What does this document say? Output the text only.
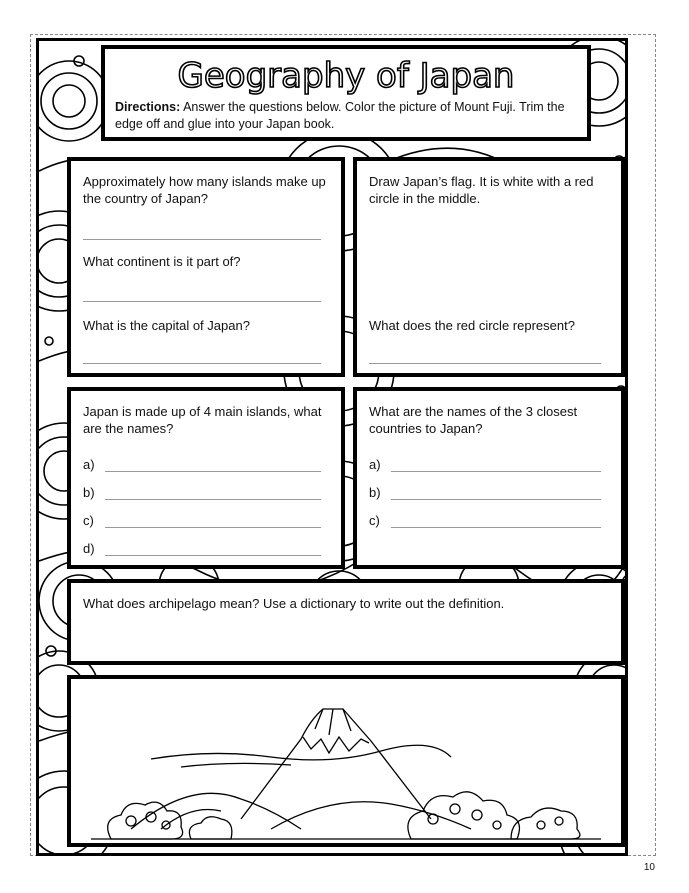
Geography of Japan
Directions: Answer the questions below. Color the picture of Mount Fuji. Trim the edge off and glue into your Japan book.
Approximately how many islands make up the country of Japan?
What continent is it part of?
What is the capital of Japan?
Draw Japan’s flag. It is white with a red circle in the middle.
What does the red circle represent?
Japan is made up of 4 main islands, what are the names?
a)
b)
c)
d)
What are the names of the 3 closest countries to Japan?
a)
b)
c)
What does archipelago mean? Use a dictionary to write out the definition.
10
